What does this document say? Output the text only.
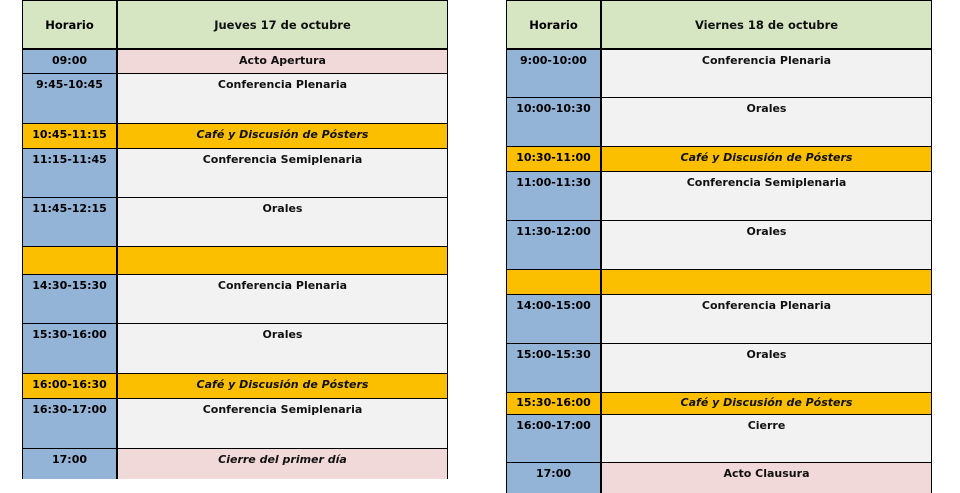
Horario	Jueves 17 de octubre
09:00	Acto Apertura
9:45-10:45	Conferencia Plenaria
10:45-11:15	Café y Discusión de Pósters
11:15-11:45	Conferencia Semiplenaria
11:45-12:15	Orales
14:30-15:30	Conferencia Plenaria
15:30-16:00	Orales
16:00-16:30	Café y Discusión de Pósters
16:30-17:00	Conferencia Semiplenaria
17:00	Cierre del primer día
Horario	Viernes 18 de octubre
9:00-10:00	Conferencia Plenaria
10:00-10:30	Orales
10:30-11:00	Café y Discusión de Pósters
11:00-11:30	Conferencia Semiplenaria
11:30-12:00	Orales
14:00-15:00	Conferencia Plenaria
15:00-15:30	Orales
15:30-16:00	Café y Discusión de Pósters
16:00-17:00	Cierre
17:00	Acto Clausura
